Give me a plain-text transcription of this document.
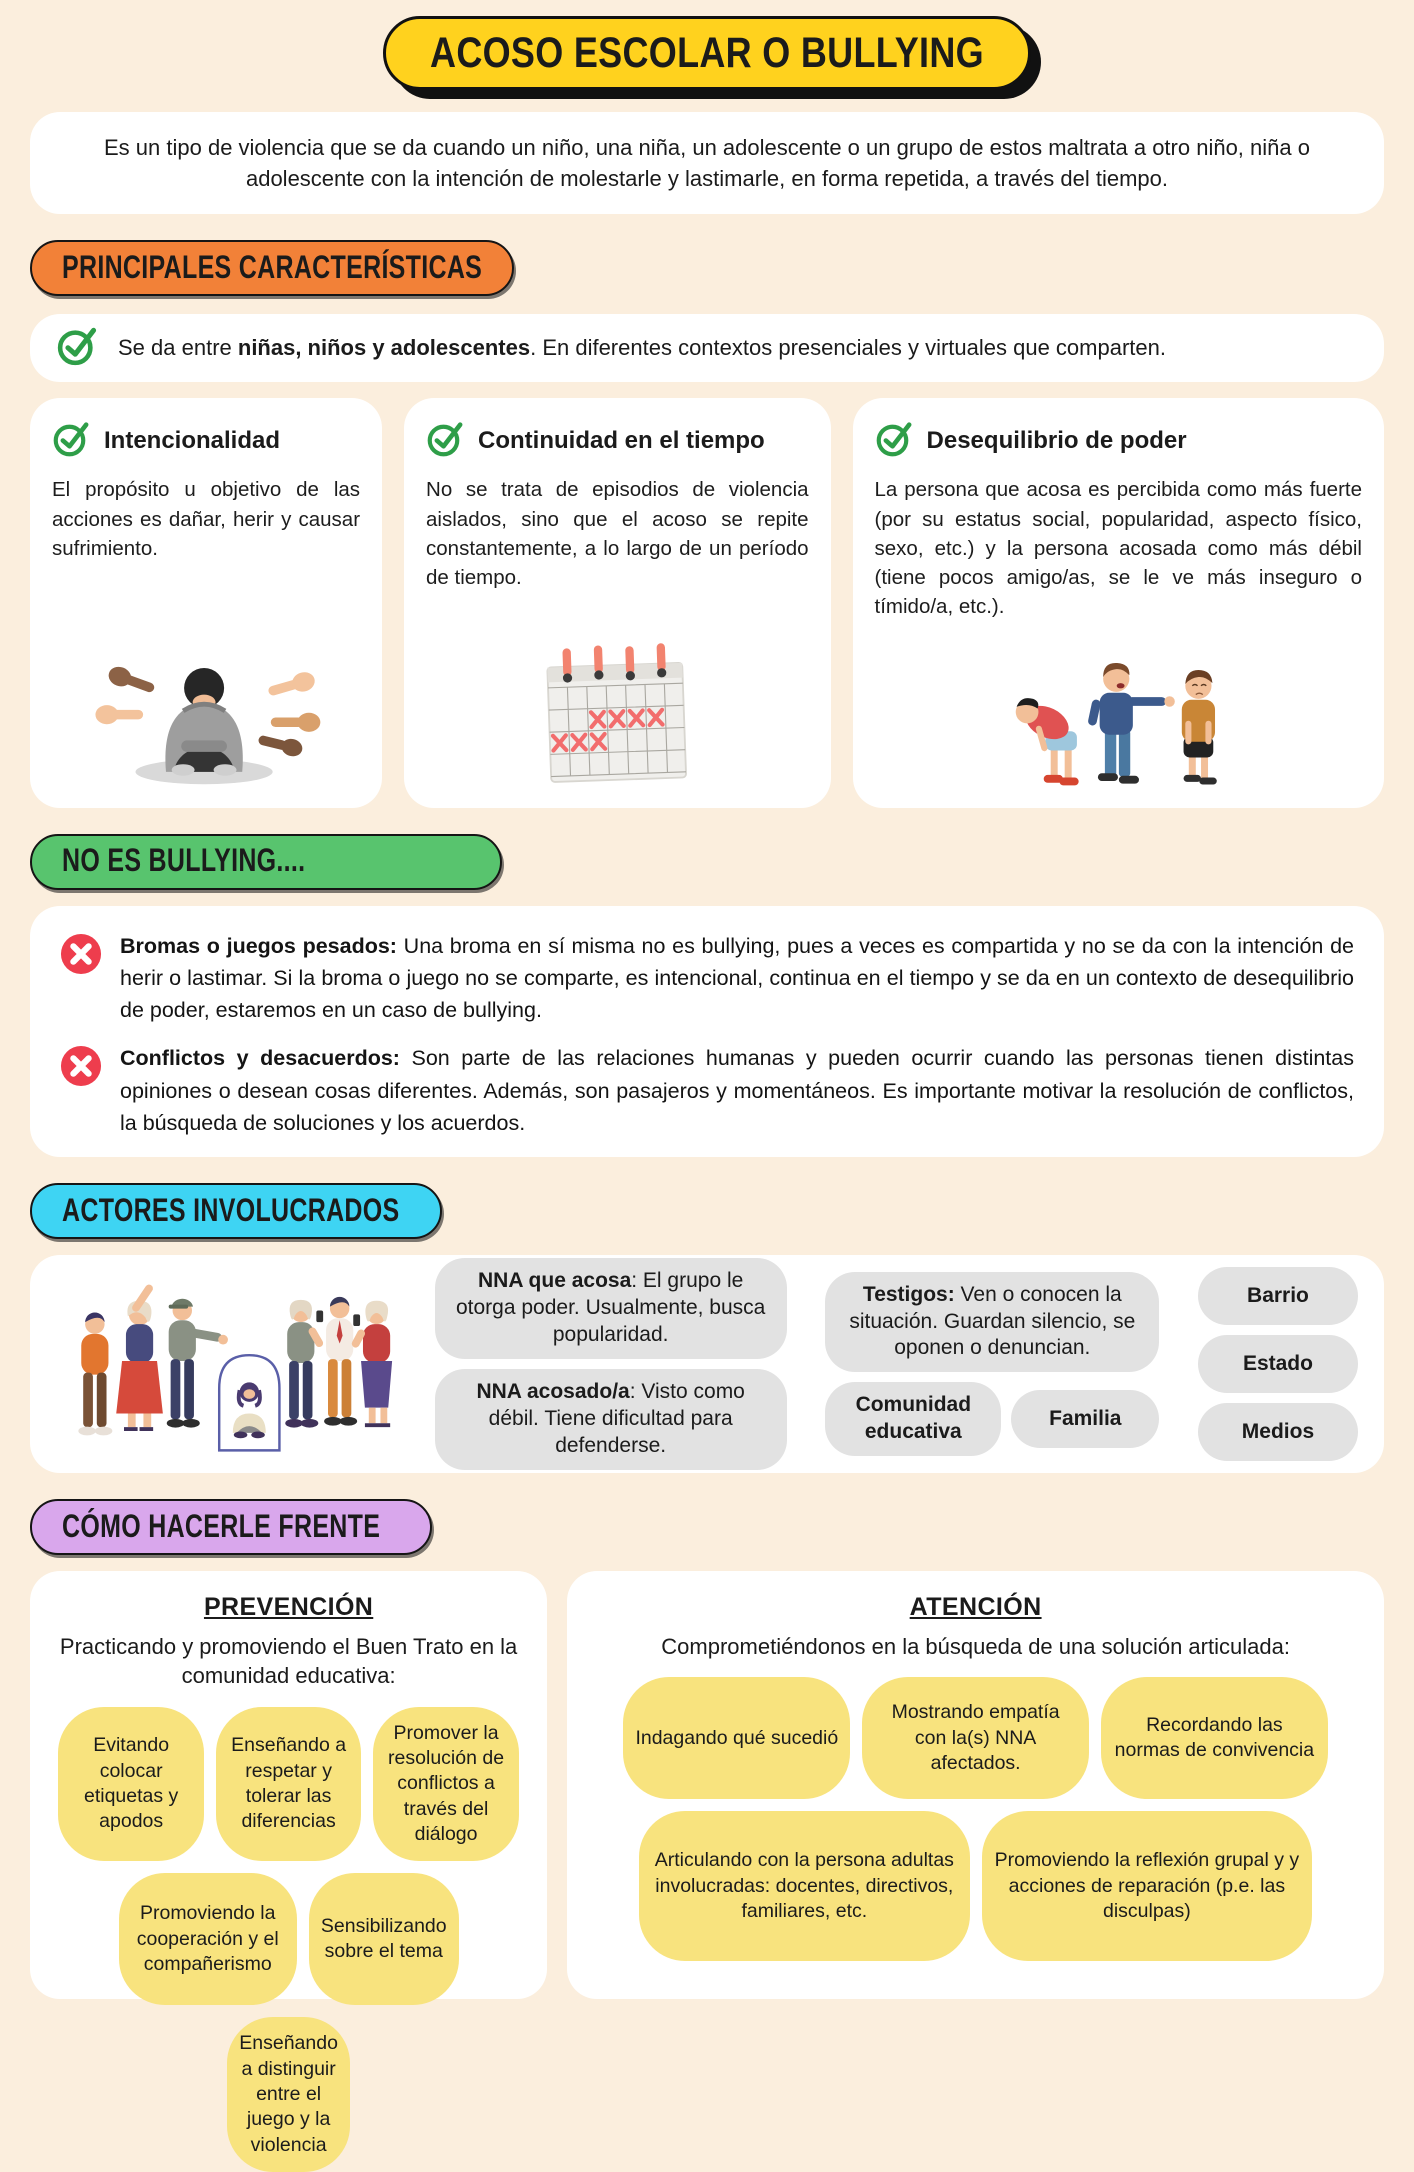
ACOSO ESCOLAR O BULLYING
Es un tipo de violencia que se da cuando un niño, una niña, un adolescente o un grupo de estos maltrata a otro niño, niña o adolescente con la intención de molestarle y lastimarle, en forma repetida, a través del tiempo.
PRINCIPALES CARACTERÍSTICAS
Se da entre niñas, niños y adolescentes. En diferentes contextos presenciales y virtuales que comparten.
Intencionalidad

El propósito u objetivo de las acciones es dañar, herir y causar sufrimiento.

Continuidad en el tiempo

No se trata de episodios de violencia aislados, sino que el acoso se repite constantemente, a lo largo de un período de tiempo.

Desequilibrio de poder

La persona que acosa es percibida como más fuerte (por su estatus social, popularidad, aspecto físico, sexo, etc.) y la persona acosada como más débil (tiene pocos amigo/as, se le ve más inseguro o tímido/a, etc.).

NO ES BULLYING....

Bromas o juegos pesados: Una broma en sí misma no es bullying, pues a veces es compartida y no se da con la intención de herir o lastimar. Si la broma o juego no se comparte, es intencional, continua en el tiempo y se da en un contexto de desequilibrio de poder, estaremos en un caso de bullying.

Conflictos y desacuerdos: Son parte de las relaciones humanas y pueden ocurrir cuando las personas tienen distintas opiniones o desean cosas diferentes. Además, son pasajeros y momentáneos. Es importante motivar la resolución de conflictos, la búsqueda de soluciones y los acuerdos.

ACTORES INVOLUCRADOS

NNA que acosa: El grupo le otorga poder. Usualmente, busca popularidad.

NNA acosado/a: Visto como débil. Tiene dificultad para defenderse.

Testigos: Ven o conocen la situación. Guardan silencio, se oponen o denuncian.

Comunidad educativa
Familia
Barrio
Estado
Medios
CÓMO HACERLE FRENTE

PREVENCIÓN

Practicando y promoviendo el Buen Trato en la comunidad educativa:

Evitando colocar etiquetas y apodos
Enseñando a respetar y tolerar las diferencias
Promover la resolución de conflictos a través del diálogo
Promoviendo la cooperación y el compañerismo
Sensibilizando sobre el tema
Enseñando a distinguir entre el juego y la violencia

ATENCIÓN

Comprometiéndonos en la búsqueda de una solución articulada:

Indagando qué sucedió
Mostrando empatía con la(s) NNA afectados.
Recordando las normas de convivencia
Articulando con la persona adultas involucradas: docentes, directivos, familiares, etc.
Promoviendo la reflexión grupal y y acciones de reparación (p.e. las disculpas)
